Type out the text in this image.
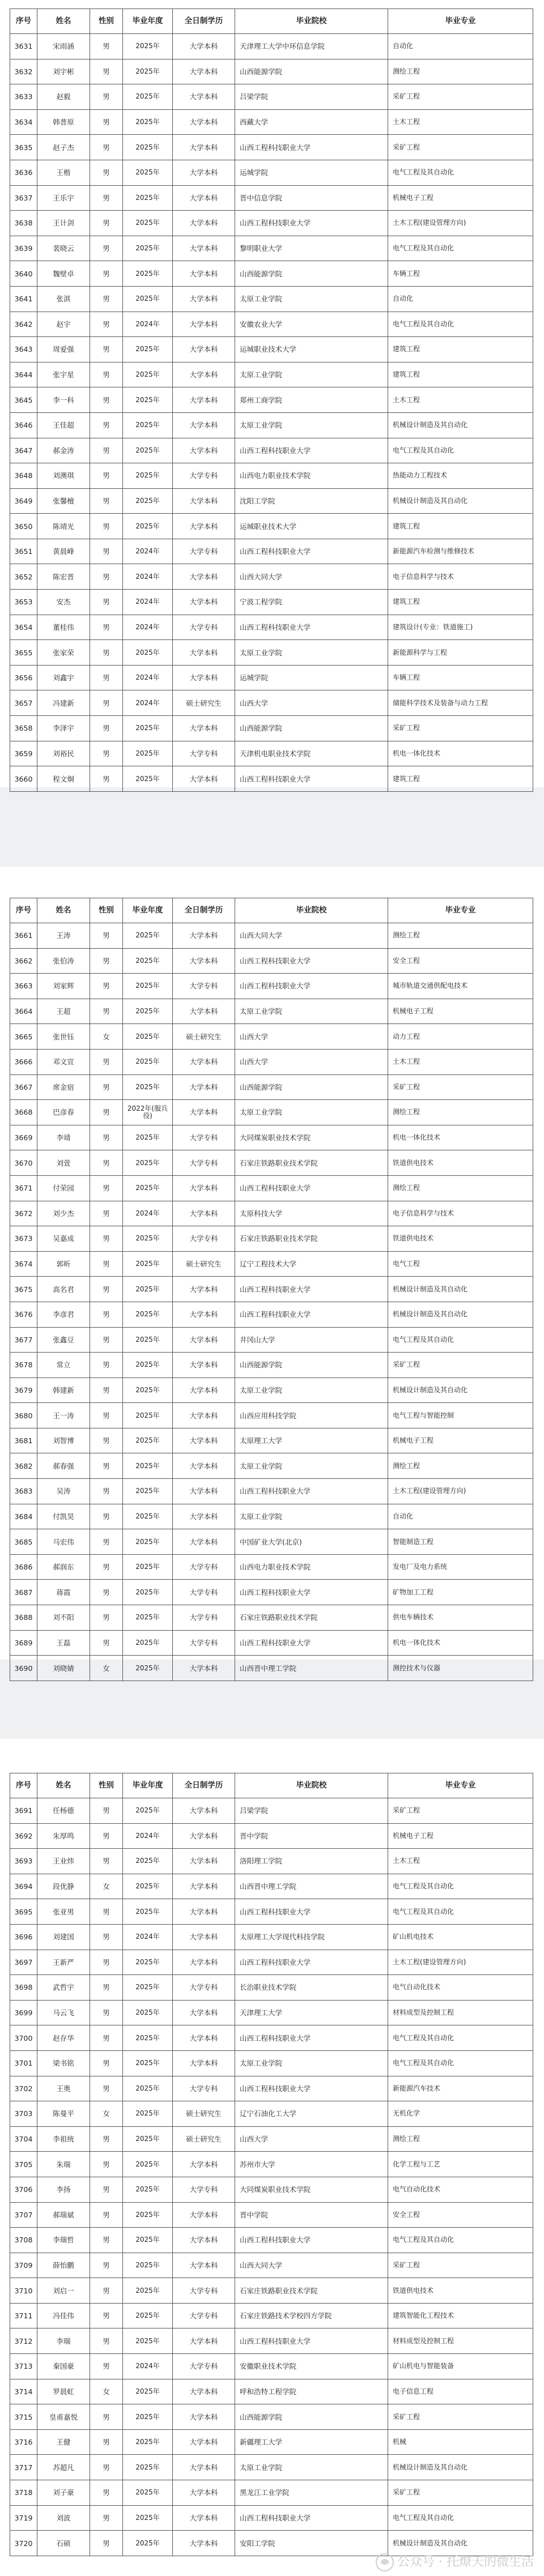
序号	姓名	性别	毕业年度	全日制学历	毕业院校	毕业专业
3631	宋雨涵	男	2025年	大学本科	天津理工大学中环信息学院	自动化
3632	刘宇彬	男	2025年	大学本科	山西能源学院	测绘工程
3633	赵毅	男	2025年	大学本科	吕梁学院	采矿工程
3634	韩普原	男	2025年	大学本科	西藏大学	土木工程
3635	赵子杰	男	2025年	大学本科	山西工程科技职业大学	采矿工程
3636	王楷	男	2025年	大学本科	运城学院	电气工程及其自动化
3637	王乐宇	男	2025年	大学本科	晋中信息学院	机械电子工程
3638	王计剑	男	2025年	大学本科	山西工程科技职业大学	土木工程(建设管理方向)
3639	裴晓云	男	2025年	大学本科	黎明职业大学	电气工程及其自动化
3640	魏壁卓	男	2025年	大学本科	山西能源学院	车辆工程
3641	张淇	男	2025年	大学本科	太原工业学院	自动化
3642	赵宇	男	2024年	大学本科	安徽农业大学	电气工程及其自动化
3643	周爱强	男	2025年	大学本科	运城职业技术大学	建筑工程
3644	张宇星	男	2025年	大学本科	太原工业学院	建筑工程
3645	李一科	男	2025年	大学本科	郑州工商学院	土木工程
3646	王佳超	男	2025年	大学本科	太原工业学院	机械设计制造及其自动化
3647	郝金涛	男	2025年	大学本科	山西工程科技职业大学	电气工程及其自动化
3648	刘澳琪	男	2025年	大学专科	山西电力职业技术学院	热能动力工程技术
3649	张馨檀	男	2025年	大学本科	沈阳工学院	机械设计制造及其自动化
3650	陈靖光	男	2025年	大学本科	运城职业技术大学	建筑工程
3651	黄晨峰	男	2024年	大学专科	山西工程科技职业大学	新能源汽车检测与维修技术
3652	陈宏晋	男	2024年	大学本科	山西大同大学	电子信息科学与技术
3653	安杰	男	2024年	大学本科	宁波工程学院	建筑工程
3654	董桂伟	男	2024年	大学专科	山西工程科技职业大学	建筑设计(专业：铁道施工)
3655	张家荣	男	2025年	大学本科	太原工业学院	新能源科学与工程
3656	刘鑫宇	男	2024年	大学本科	运城学院	车辆工程
3657	冯建新	男	2024年	硕士研究生	山西大学	储能科学技术及装备与动力工程
3658	李泽宇	男	2025年	大学本科	山西能源学院	采矿工程
3659	刘裕民	男	2025年	大学专科	天津机电职业技术学院	机电一体化技术
3660	程文炯	男	2025年	大学本科	山西工程科技职业大学	建筑工程
序号	姓名	性别	毕业年度	全日制学历	毕业院校	毕业专业
3661	王涛	男	2025年	大学本科	山西大同大学	测绘工程
3662	张伯涛	男	2025年	大学本科	山西工程科技职业大学	安全工程
3663	刘家辉	男	2025年	大学专科	山西工程科技职业大学	城市轨道交通供配电技术
3664	王超	男	2025年	大学本科	太原工业学院	机械电子工程
3665	张世钰	女	2025年	硕士研究生	山西大学	动力工程
3666	邓文宣	男	2025年	大学本科	山西大学	土木工程
3667	席金宿	男	2025年	大学本科	山西能源学院	采矿工程
3668	巴彦春	男	2022年(服兵役)	大学本科	太原工业学院	测绘工程
3669	李靖	男	2025年	大学专科	大同煤炭职业技术学院	机电一体化技术
3670	刘萱	男	2025年	大学专科	石家庄铁路职业技术学院	铁道供电技术
3671	付荣园	男	2025年	大学本科	山西工程科技职业大学	测绘工程
3672	刘少杰	男	2024年	大学本科	太原科技大学	电子信息科学与技术
3673	吴嘉成	男	2025年	大学专科	石家庄铁路职业技术学院	铁道供电技术
3674	郭昕	男	2025年	硕士研究生	辽宁工程技术大学	电气工程
3675	高名君	男	2025年	大学本科	山西工程科技职业大学	机械设计制造及其自动化
3676	李彦君	男	2025年	大学本科	山西工程科技职业大学	机械设计制造及其自动化
3677	张鑫豆	男	2025年	大学本科	井冈山大学	电气工程及其自动化
3678	常立	男	2025年	大学本科	山西能源学院	采矿工程
3679	韩建新	男	2025年	大学本科	太原工业学院	机械设计制造及其自动化
3680	王一涛	男	2025年	大学本科	山西应用科技学院	电气工程与智能控制
3681	刘智博	男	2025年	大学本科	太原理工大学	机械电子工程
3682	郝春强	男	2025年	大学本科	太原工业学院	测绘工程
3683	吴涛	男	2025年	大学本科	山西工程科技职业大学	土木工程(建设管理方向)
3684	付凯昊	男	2025年	大学本科	太原工业学院	自动化
3685	马宏伟	男	2025年	大学本科	中国矿业大学(北京)	智能制造工程
3686	郝润东	男	2025年	大学专科	山西电力职业技术学院	发电厂及电力系统
3687	蒋霞	男	2025年	大学专科	山西工程科技职业大学	矿物加工工程
3688	刘不阳	男	2025年	大学专科	石家庄铁路职业技术学院	供电车辆技术
3689	王磊	男	2025年	大学专科	山西工程科技职业大学	机电一体化技术
3690	刘晓婧	女	2025年	大学本科	山西晋中理工学院	测控技术与仪器
序号	姓名	性别	毕业年度	全日制学历	毕业院校	毕业专业
3691	任杨德	男	2025年	大学本科	吕梁学院	采矿工程
3692	朱厚鸣	男	2024年	大学本科	晋中学院	机械电子工程
3693	王业炜	男	2025年	大学本科	洛阳理工学院	土木工程
3694	段优静	女	2025年	大学本科	山西晋中理工学院	电气工程及其自动化
3695	张亚男	男	2025年	大学本科	山西工程科技职业大学	电气工程及其自动化
3696	刘建国	男	2024年	大学本科	太原理工大学现代科技学院	矿山机电技术
3697	王新严	男	2025年	大学本科	山西工程科技职业大学	土木工程(建设管理方向)
3698	武哲宇	男	2025年	大学专科	长治职业技术学院	电气自动化技术
3699	马云飞	男	2025年	大学本科	天津理工大学	材料成型及控制工程
3700	赵存华	男	2025年	大学本科	山西工程科技职业大学	电气工程及其自动化
3701	梁书铭	男	2025年	大学本科	太原工业学院	电气工程及其自动化
3702	王奥	男	2025年	大学专科	山西工程科技职业大学	新能源汽车技术
3703	陈曼平	女	2025年	硕士研究生	辽宁石油化工大学	无机化学
3704	李祖统	男	2025年	硕士研究生	山西大学	测绘工程
3705	朱瑞	男	2025年	大学本科	苏州市大学	化学工程与工艺
3706	李扬	男	2025年	大学专科	大同煤炭职业技术学院	电气自动化技术
3707	郝瑞斌	男	2025年	大学本科	晋中学院	安全工程
3708	李瑞哲	男	2025年	大学本科	山西工程科技职业大学	电气工程及其自动化
3709	薛怡鹏	男	2025年	大学本科	山西大同大学	采矿工程
3710	刘启一	男	2025年	大学专科	石家庄铁路职业技术学院	铁道供电技术
3711	冯佳伟	男	2025年	大学专科	石家庄铁路技术学校四方学院	建筑智能化工程技术
3712	李瑞	男	2025年	大学本科	山西工程科技职业大学	材料成型及控制工程
3713	秦国豪	男	2024年	大学专科	安徽职业技术学院	矿山机电与智能装备
3714	罗晨虹	女	2025年	大学本科	呼和浩特工程学院	电子信息工程
3715	皇甫嘉悦	男	2025年	大学本科	山西能源学院	采矿工程
3716	王健	男	2025年	大学本科	新疆理工大学	机械
3717	苏超凡	男	2025年	大学本科	太原工业学院	机械设计制造及其自动化
3718	刘子豪	男	2025年	大学本科	黑龙江工业学院	采矿工程
3719	刘波	男	2025年	大学本科	山西工程科技职业大学	电气工程及其自动化
3720	石硕	男	2025年	大学本科	安阳工学院	机械设计制造及其自动化
公众号 · 托燎天的微生活
